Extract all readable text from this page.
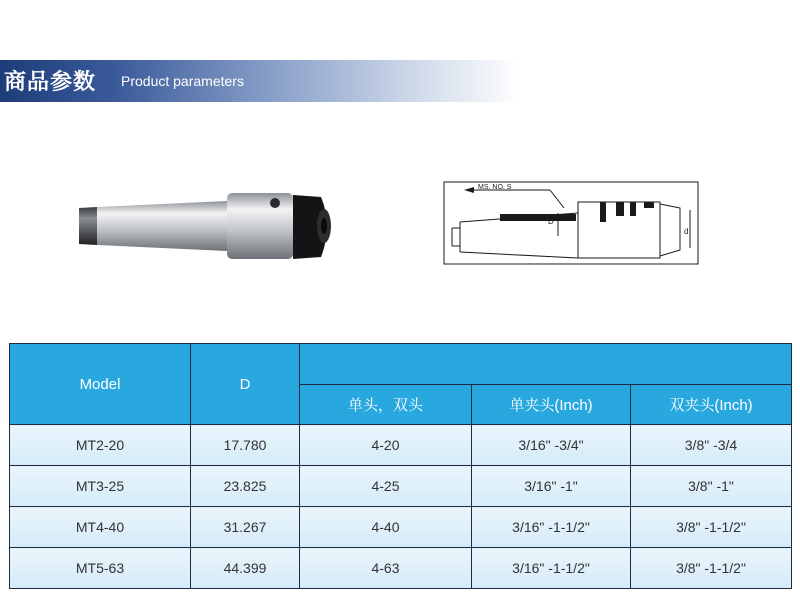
商品参数 Product parameters
MS. NO. S
D
d
Model	D			
		单头，双头	单夹头(Inch)	双夹头(Inch)
MT2-20	17.780	4-20	3/16" -3/4"	3/8" -3/4
MT3-25	23.825	4-25	3/16" -1"	3/8" -1"
MT4-40	31.267	4-40	3/16" -1-1/2"	3/8" -1-1/2"
MT5-63	44.399	4-63	3/16" -1-1/2"	3/8" -1-1/2"
